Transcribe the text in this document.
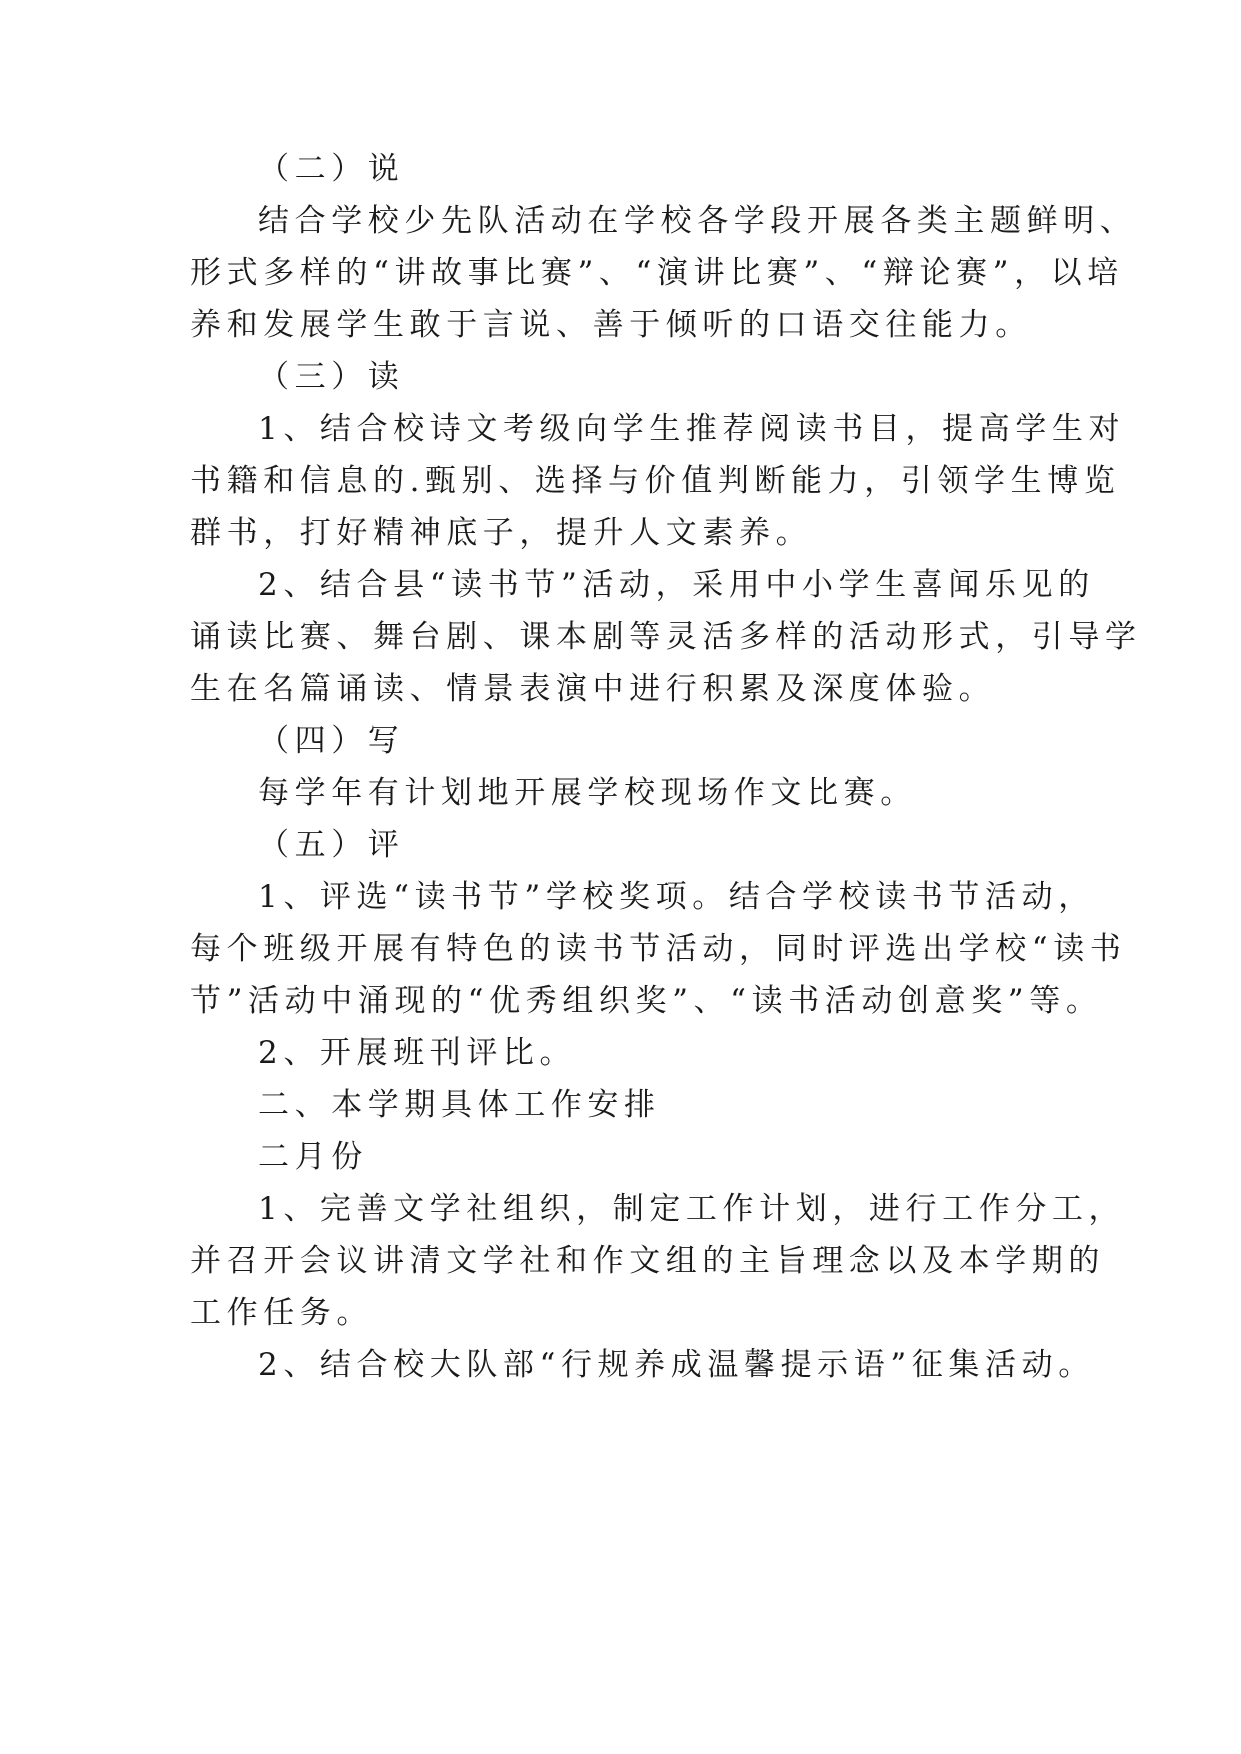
（二）说
结合学校少先队活动在学校各学段开展各类主题鲜明、
形式多样的“讲故事比赛”、“演讲比赛”、“辩论赛”，以培
养和发展学生敢于言说、善于倾听的口语交往能力。
（三）读
1、结合校诗文考级向学生推荐阅读书目，提高学生对
书籍和信息的.甄别、选择与价值判断能力，引领学生博览
群书，打好精神底子，提升人文素养。
2、结合县“读书节”活动，采用中小学生喜闻乐见的
诵读比赛、舞台剧、课本剧等灵活多样的活动形式，引导学
生在名篇诵读、情景表演中进行积累及深度体验。
（四）写
每学年有计划地开展学校现场作文比赛。
（五）评
1、评选“读书节”学校奖项。结合学校读书节活动，
每个班级开展有特色的读书节活动，同时评选出学校“读书
节”活动中涌现的“优秀组织奖”、“读书活动创意奖”等。
2、开展班刊评比。
二、本学期具体工作安排
二月份
1、完善文学社组织，制定工作计划，进行工作分工，
并召开会议讲清文学社和作文组的主旨理念以及本学期的
工作任务。
2、结合校大队部“行规养成温馨提示语”征集活动。
